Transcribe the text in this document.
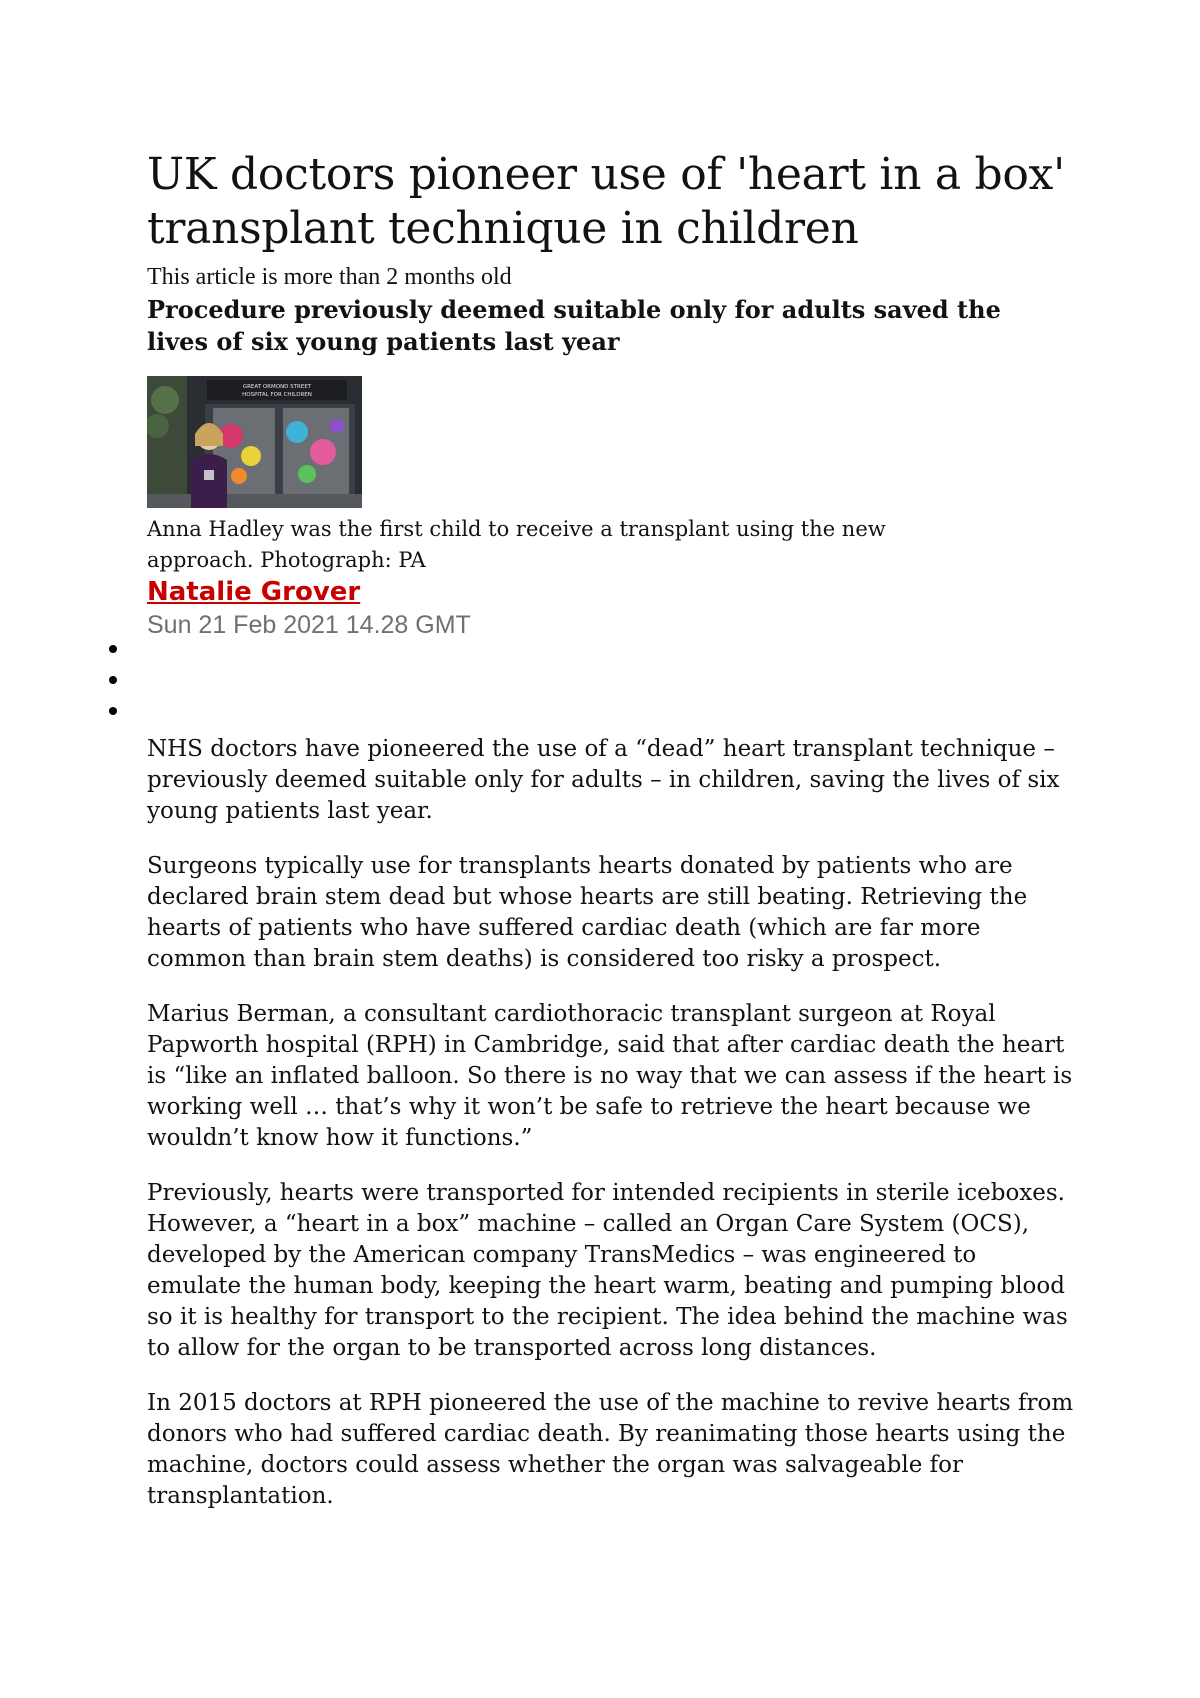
UK doctors pioneer use of 'heart in a box' transplant technique in children
This article is more than 2 months old
Procedure previously deemed suitable only for adults saved the lives of six young patients last year
GREAT ORMOND STREET
HOSPITAL FOR CHILDREN
Anna Hadley was the first child to receive a transplant using the new approach. Photograph: PA
Natalie Grover
Sun 21 Feb 2021 14.28 GMT

NHS doctors have pioneered the use of a “dead” heart transplant technique – previously deemed suitable only for adults – in children, saving the lives of six young patients last year.

Surgeons typically use for transplants hearts donated by patients who are declared brain stem dead but whose hearts are still beating. Retrieving the hearts of patients who have suffered cardiac death (which are far more common than brain stem deaths) is considered too risky a prospect.

Marius Berman, a consultant cardiothoracic transplant surgeon at Royal Papworth hospital (RPH) in Cambridge, said that after cardiac death the heart is “like an inflated balloon. So there is no way that we can assess if the heart is working well … that’s why it won’t be safe to retrieve the heart because we wouldn’t know how it functions.”

Previously, hearts were transported for intended recipients in sterile iceboxes. However, a “heart in a box” machine – called an Organ Care System (OCS), developed by the American company TransMedics – was engineered to emulate the human body, keeping the heart warm, beating and pumping blood so it is healthy for transport to the recipient. The idea behind the machine was to allow for the organ to be transported across long distances.

In 2015 doctors at RPH pioneered the use of the machine to revive hearts from donors who had suffered cardiac death. By reanimating those hearts using the machine, doctors could assess whether the organ was salvageable for transplantation.
